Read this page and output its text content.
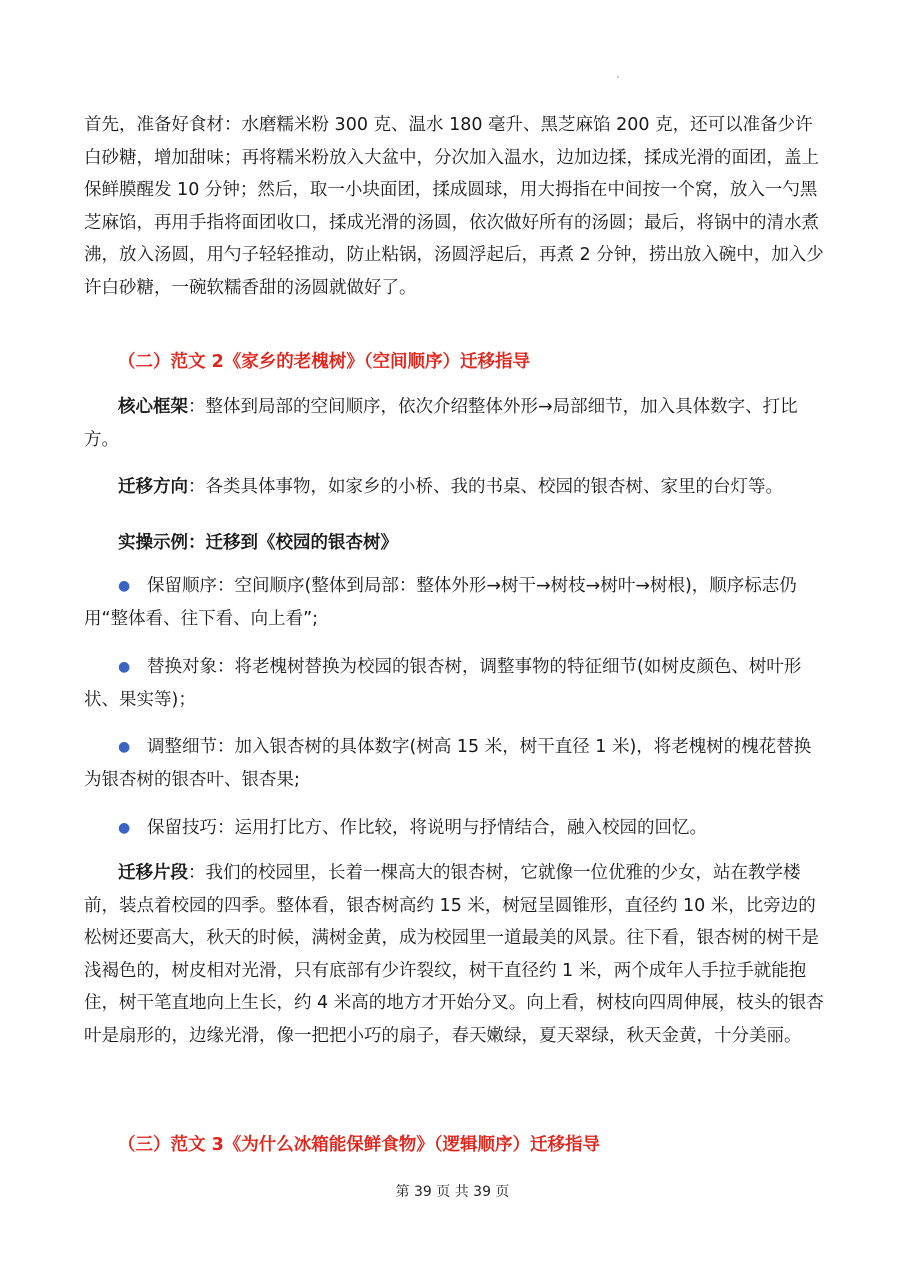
首先，准备好食材：水磨糯米粉 300 克、温水 180 毫升、黑芝麻馅 200 克，还可以准备少许白砂糖，增加甜味；再将糯米粉放入大盆中，分次加入温水，边加边揉，揉成光滑的面团，盖上保鲜膜醒发 10 分钟；然后，取一小块面团，揉成圆球，用大拇指在中间按一个窝，放入一勺黑芝麻馅，再用手指将面团收口，揉成光滑的汤圆，依次做好所有的汤圆；最后，将锅中的清水煮沸，放入汤圆，用勺子轻轻推动，防止粘锅，汤圆浮起后，再煮 2 分钟，捞出放入碗中，加入少许白砂糖，一碗软糯香甜的汤圆就做好了。

（二）范文 2《家乡的老槐树》（空间顺序）迁移指导

核心框架：整体到局部的空间顺序，依次介绍整体外形→局部细节，加入具体数字、打比方。

迁移方向：各类具体事物，如家乡的小桥、我的书桌、校园的银杏树、家里的台灯等。

实操示例：迁移到《校园的银杏树》
● 保留顺序：空间顺序(整体到局部：整体外形→树干→树枝→树叶→树根)，顺序标志仍用“整体看、往下看、向上看”;

● 替换对象：将老槐树替换为校园的银杏树，调整事物的特征细节(如树皮颜色、树叶形状、果实等)；

● 调整细节：加入银杏树的具体数字(树高 15 米，树干直径 1 米)，将老槐树的槐花替换为银杏树的银杏叶、银杏果;

● 保留技巧：运用打比方、作比较，将说明与抒情结合，融入校园的回忆。

迁移片段：我们的校园里，长着一棵高大的银杏树，它就像一位优雅的少女，站在教学楼前，装点着校园的四季。整体看，银杏树高约 15 米，树冠呈圆锥形，直径约 10 米，比旁边的松树还要高大，秋天的时候，满树金黄，成为校园里一道最美的风景。往下看，银杏树的树干是浅褐色的，树皮相对光滑，只有底部有少许裂纹，树干直径约 1 米，两个成年人手拉手就能抱住，树干笔直地向上生长，约 4 米高的地方才开始分叉。向上看，树枝向四周伸展，枝头的银杏叶是扇形的，边缘光滑，像一把把小巧的扇子，春天嫩绿，夏天翠绿，秋天金黄，十分美丽。

（三）范文 3《为什么冰箱能保鲜食物》（逻辑顺序）迁移指导
第 39 页 共 39 页
